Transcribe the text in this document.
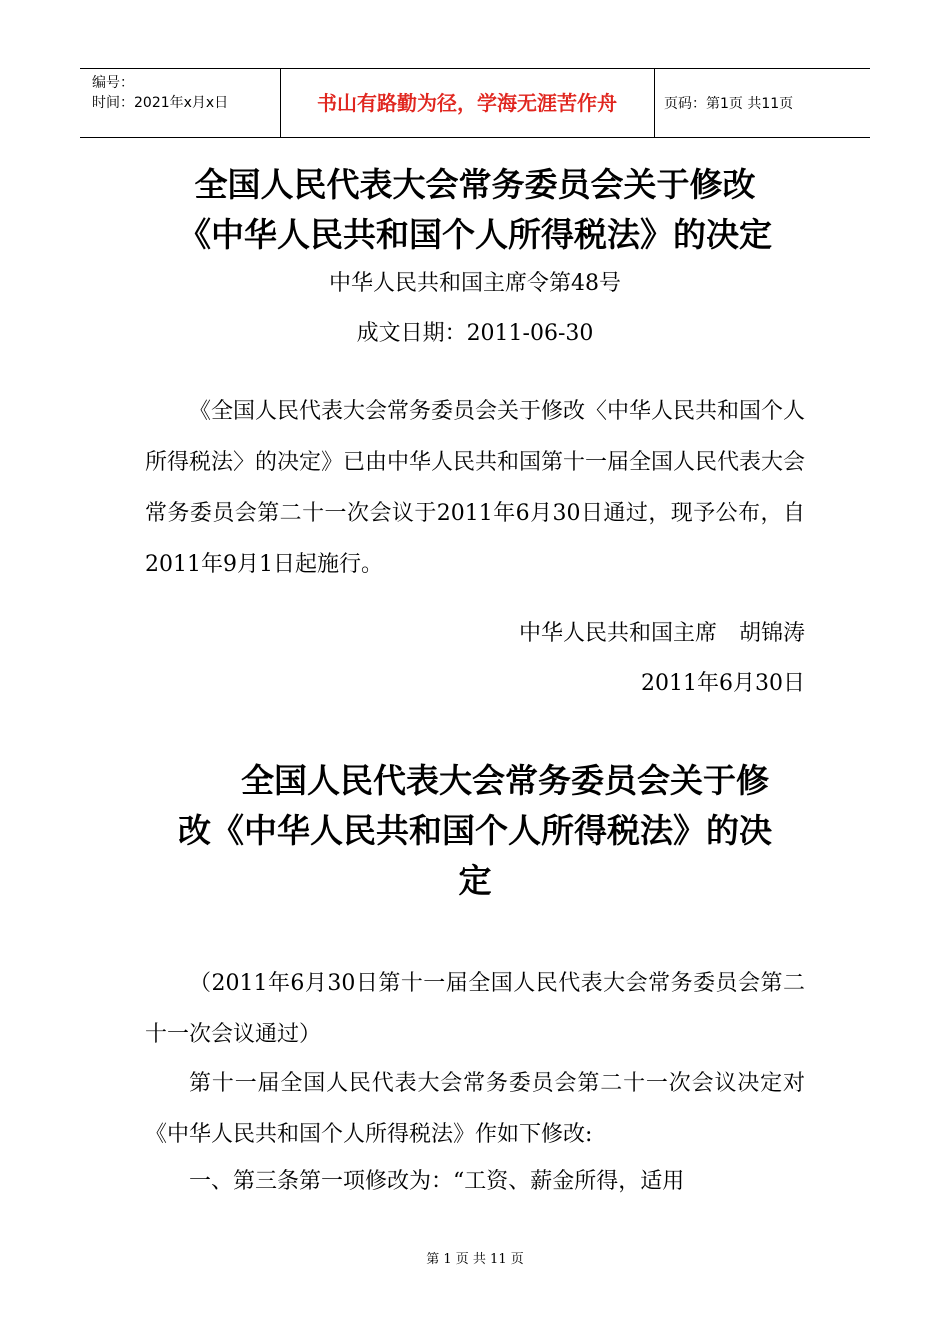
编号：
时间：2021年x月x日	书山有路勤为径，学海无涯苦作舟	页码：第1页 共11页
全国人民代表大会常务委员会关于修改
《中华人民共和国个人所得税法》的决定
中华人民共和国主席令第48号
成文日期：2011-06-30
《全国人民代表大会常务委员会关于修改〈中华人民共和国个人所得税法〉的决定》已由中华人民共和国第十一届全国人民代表大会常务委员会第二十一次会议于2011年6月30日通过，现予公布，自2011年9月1日起施行。
中华人民共和国主席　胡锦涛
2011年6月30日
全国人民代表大会常务委员会关于修
改《中华人民共和国个人所得税法》的决
定
（2011年6月30日第十一届全国人民代表大会常务委员会第二十一次会议通过）
第十一届全国人民代表大会常务委员会第二十一次会议决定对《中华人民共和国个人所得税法》作如下修改:
一、第三条第一项修改为：“工资、薪金所得，适用
第 1 页 共 11 页
